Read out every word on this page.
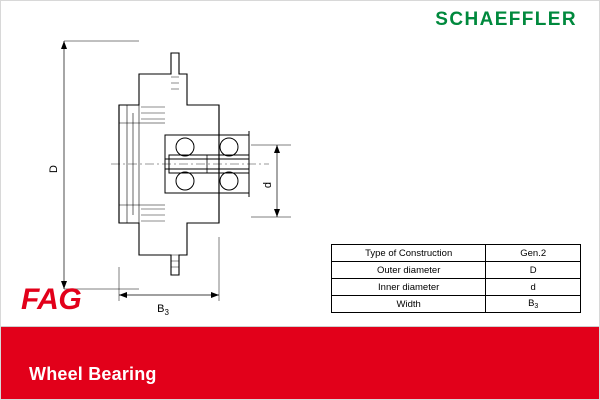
SCHAEFFLER
D
d
$B_3$
Type of Construction	Gen.2
Outer diameter	D
Inner diameter	d
Width	$B_3$
FAG
Wheel Bearing
